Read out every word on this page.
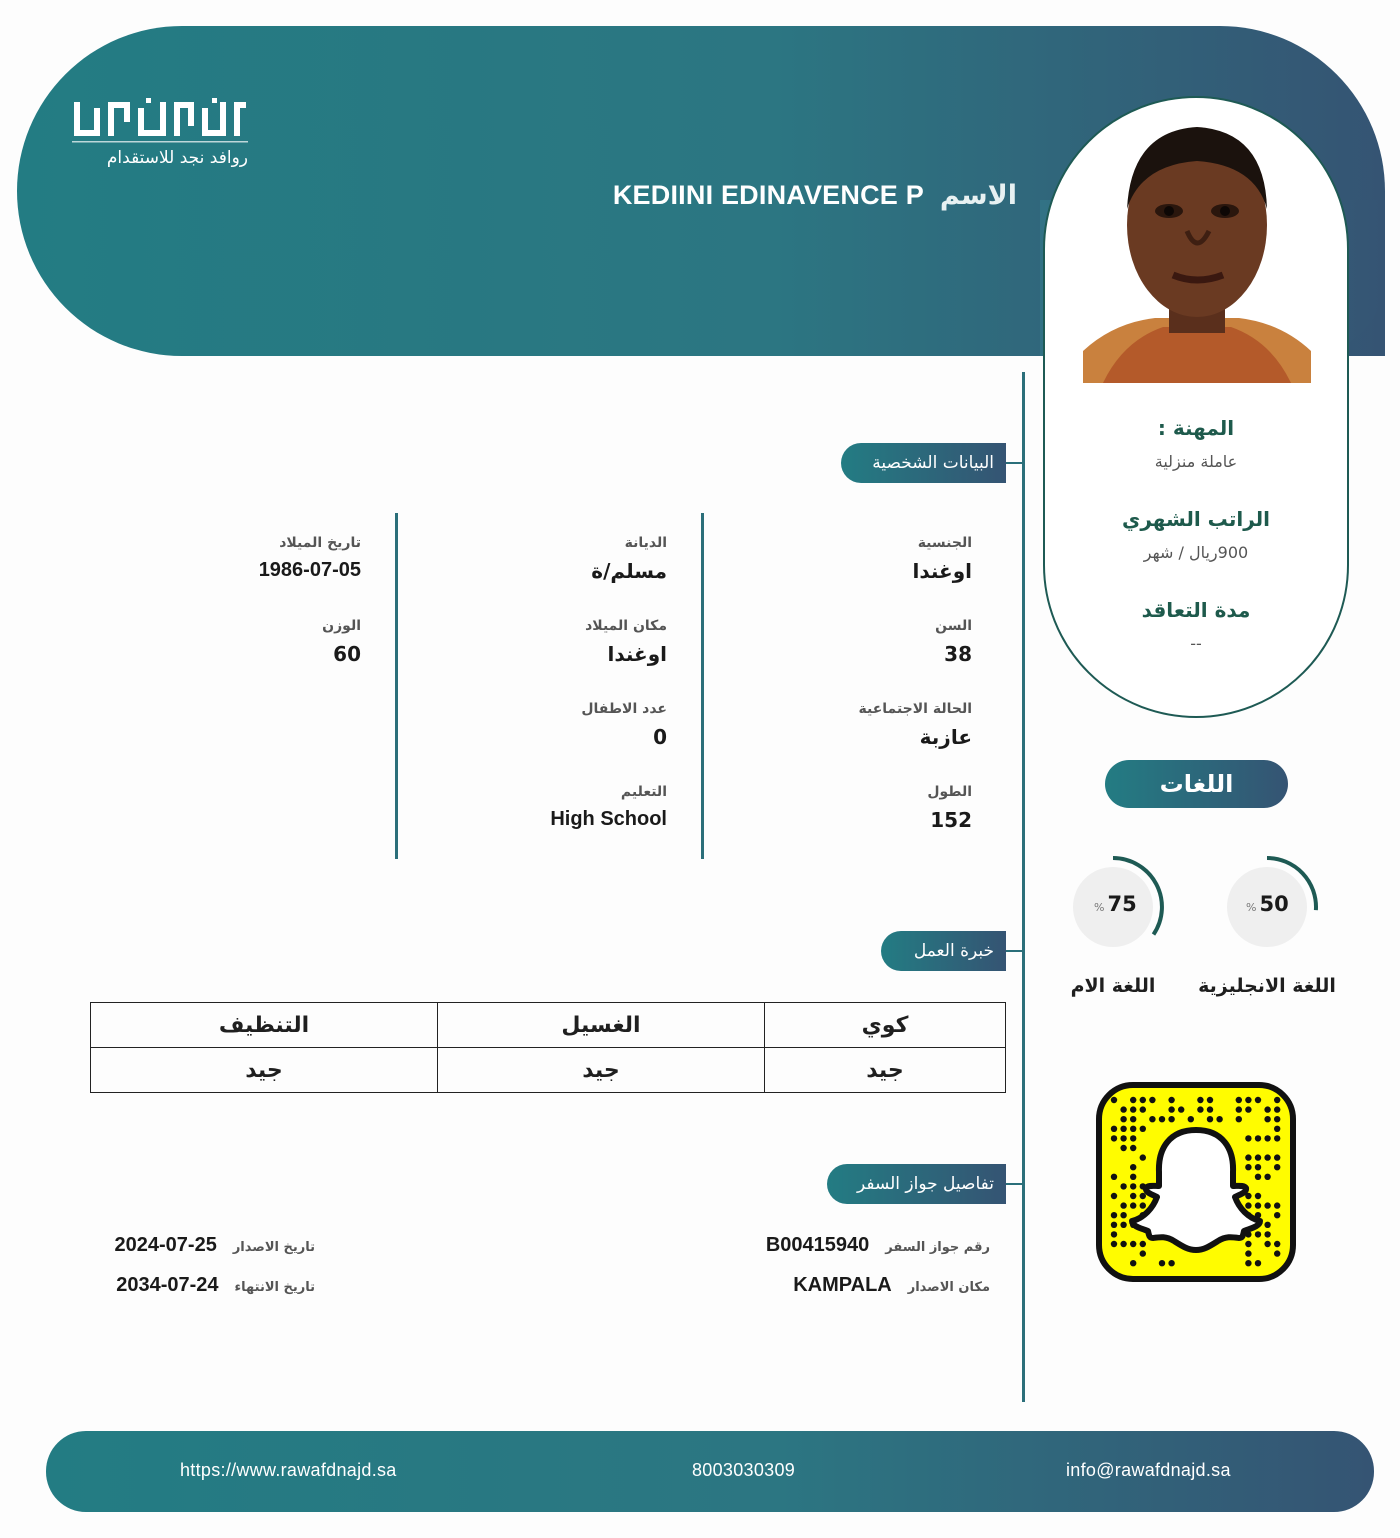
روافد نجد للاستقدام
الاسم
KEDIINI EDINAVENCE P
المهنة :
عاملة منزلية
الراتب الشهري
900ريال / شهر
مدة التعاقد
--
البيانات الشخصية
الجنسية
اوغندا
السن
38
الحالة الاجتماعية
عازبة
الطول
152
الديانة
مسلم/ة
مكان الميلاد
اوغندا
عدد الاطفال
0
التعليم
High School
تاريخ الميلاد
1986-07-05
الوزن
60
خبرة العمل
كوي	الغسيل	التنظيف
جيد	جيد	جيد
اللغات
% 50
اللغة الانجليزية
% 75
اللغة الام
تفاصيل جواز السفر
رقم جواز السفر
B00415940
مكان الاصدار
KAMPALA
تاريخ الاصدار
2024-07-25
تاريخ الانتهاء
2034-07-24
https://www.rawafdnajd.sa	8003030309	info@rawafdnajd.sa
